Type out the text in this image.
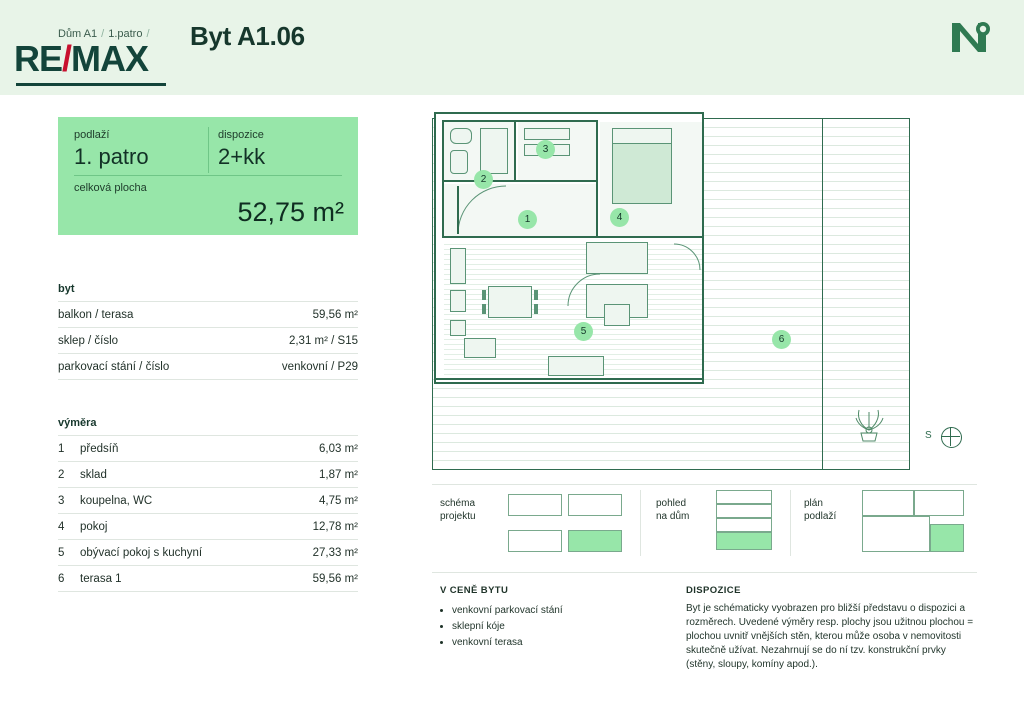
RE/MAX
Dům A1 / 1.patro / Byt A1.06
podlaží
1. patro
dispozice
2+kk
celková plocha
52,75 m²
byt
balkon / terasa	59,56 m²
sklep / číslo	2,31 m² / S15
parkovací stání / číslo	venkovní / P29
výměra
1	předsíň	6,03 m²
2	sklad	1,87 m²
3	koupelna, WC	4,75 m²
4	pokoj	12,78 m²
5	obývací pokoj s kuchyní	27,33 m²
6	terasa 1	59,56 m²
1
2
3
4
5
6
S
schéma
projektu
pohled
na dům
plán
podlaží
V CENĚ BYTU
• venkovní parkovací stání
• sklepní kóje
• venkovní terasa
DISPOZICE
Byt je schématicky vyobrazen pro bližší představu o dispozici a rozměrech. Uvedené výměry resp. plochy jsou užitnou plochou = plochou uvnitř vnějších stěn, kterou může osoba v nemovitosti skutečně užívat. Nezahrnují se do ní tzv. konstrukční prvky (stěny, sloupy, komíny apod.).
